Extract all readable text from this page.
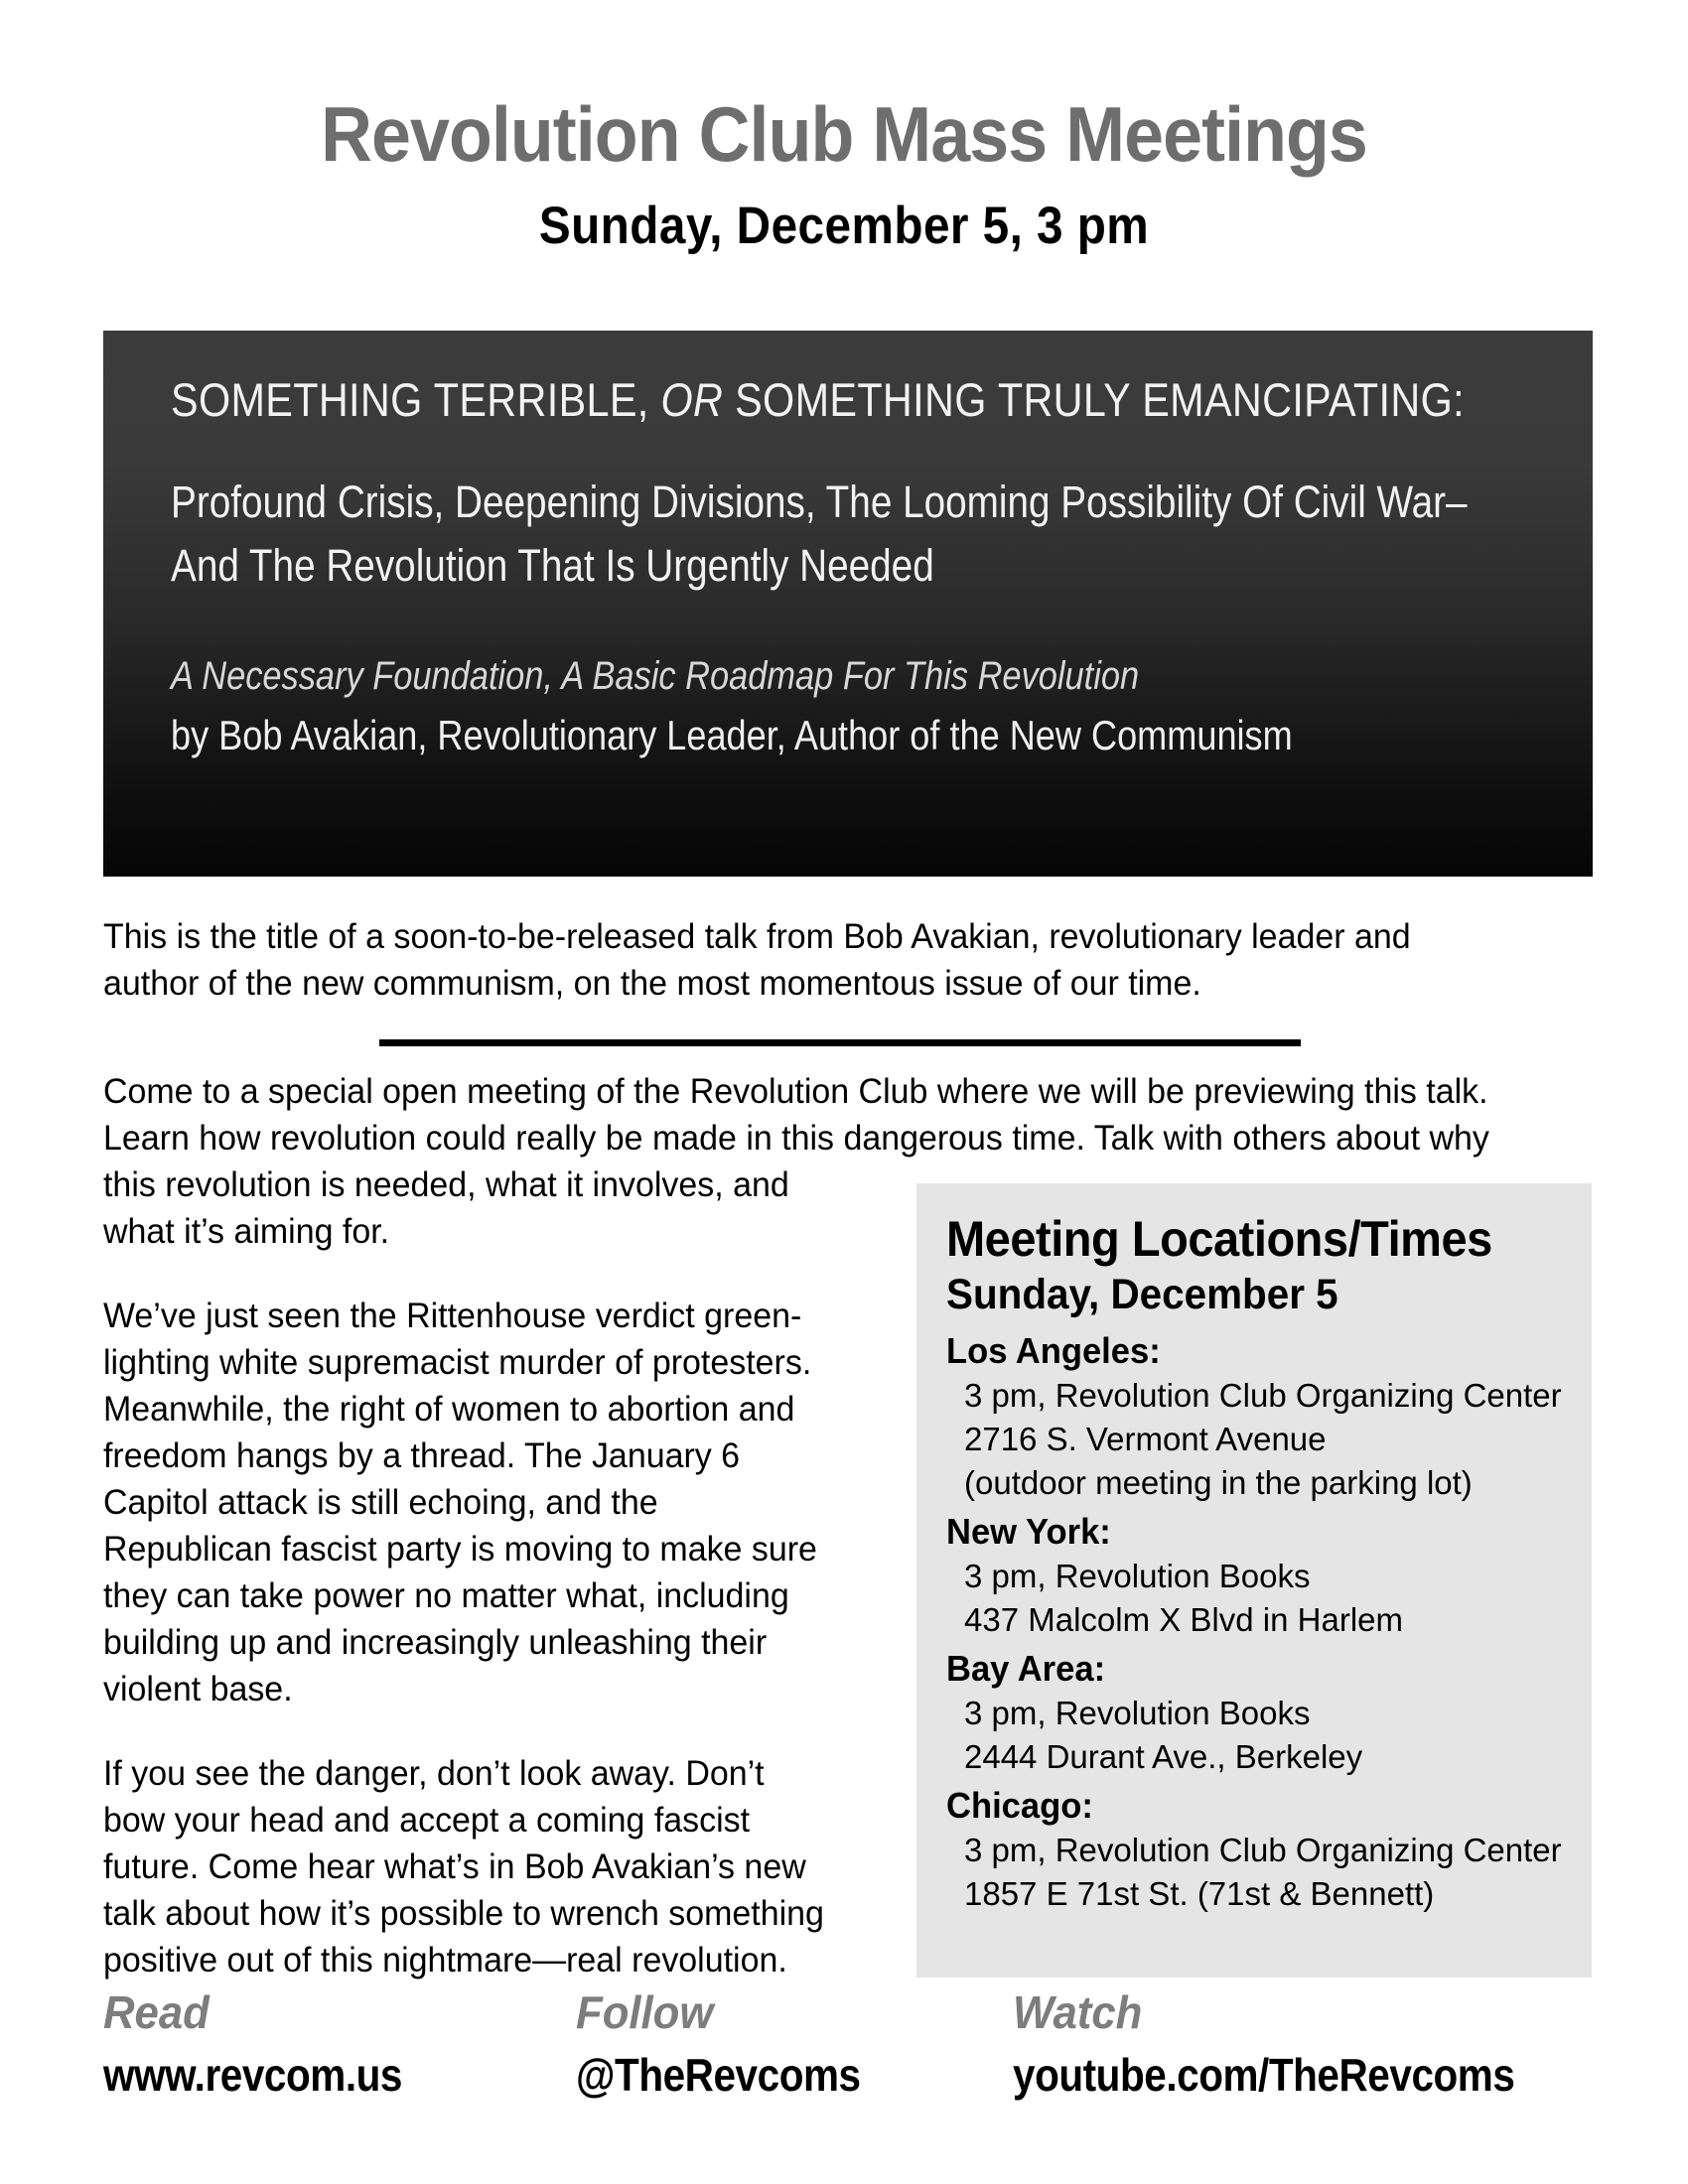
Revolution Club Mass Meetings
Sunday, December 5, 3 pm
SOMETHING TERRIBLE, OR SOMETHING TRULY EMANCIPATING:
Profound Crisis, Deepening Divisions, The Looming Possibility Of Civil War–
And The Revolution That Is Urgently Needed
A Necessary Foundation, A Basic Roadmap For This Revolution
by Bob Avakian, Revolutionary Leader, Author of the New Communism
This is the title of a soon-to-be-released talk from Bob Avakian, revolutionary leader and author of the new communism, on the most momentous issue of our time.
Come to a special open meeting of the Revolution Club where we will be previewing this talk. Learn how revolution could really be made in this dangerous time. Talk with others about why

this revolution is needed, what it involves, and what it’s aiming for.

We’ve just seen the Rittenhouse verdict green-lighting white supremacist murder of protesters. Meanwhile, the right of women to abortion and freedom hangs by a thread. The January 6 Capitol attack is still echoing, and the Republican fascist party is moving to make sure they can take power no matter what, including building up and increasingly unleashing their violent base.

If you see the danger, don’t look away. Don’t bow your head and accept a coming fascist future. Come hear what’s in Bob Avakian’s new talk about how it’s possible to wrench something positive out of this nightmare—real revolution.

Meeting Locations/Times
Sunday, December 5
Los Angeles:
3 pm, Revolution Club Organizing Center
2716 S. Vermont Avenue
(outdoor meeting in the parking lot)
New York:
3 pm, Revolution Books
437 Malcolm X Blvd in Harlem
Bay Area:
3 pm, Revolution Books
2444 Durant Ave., Berkeley
Chicago:
3 pm, Revolution Club Organizing Center
1857 E 71st St. (71st & Bennett)
Read
www.revcom.us
Follow
@TheRevcoms
Watch
youtube.com/TheRevcoms
